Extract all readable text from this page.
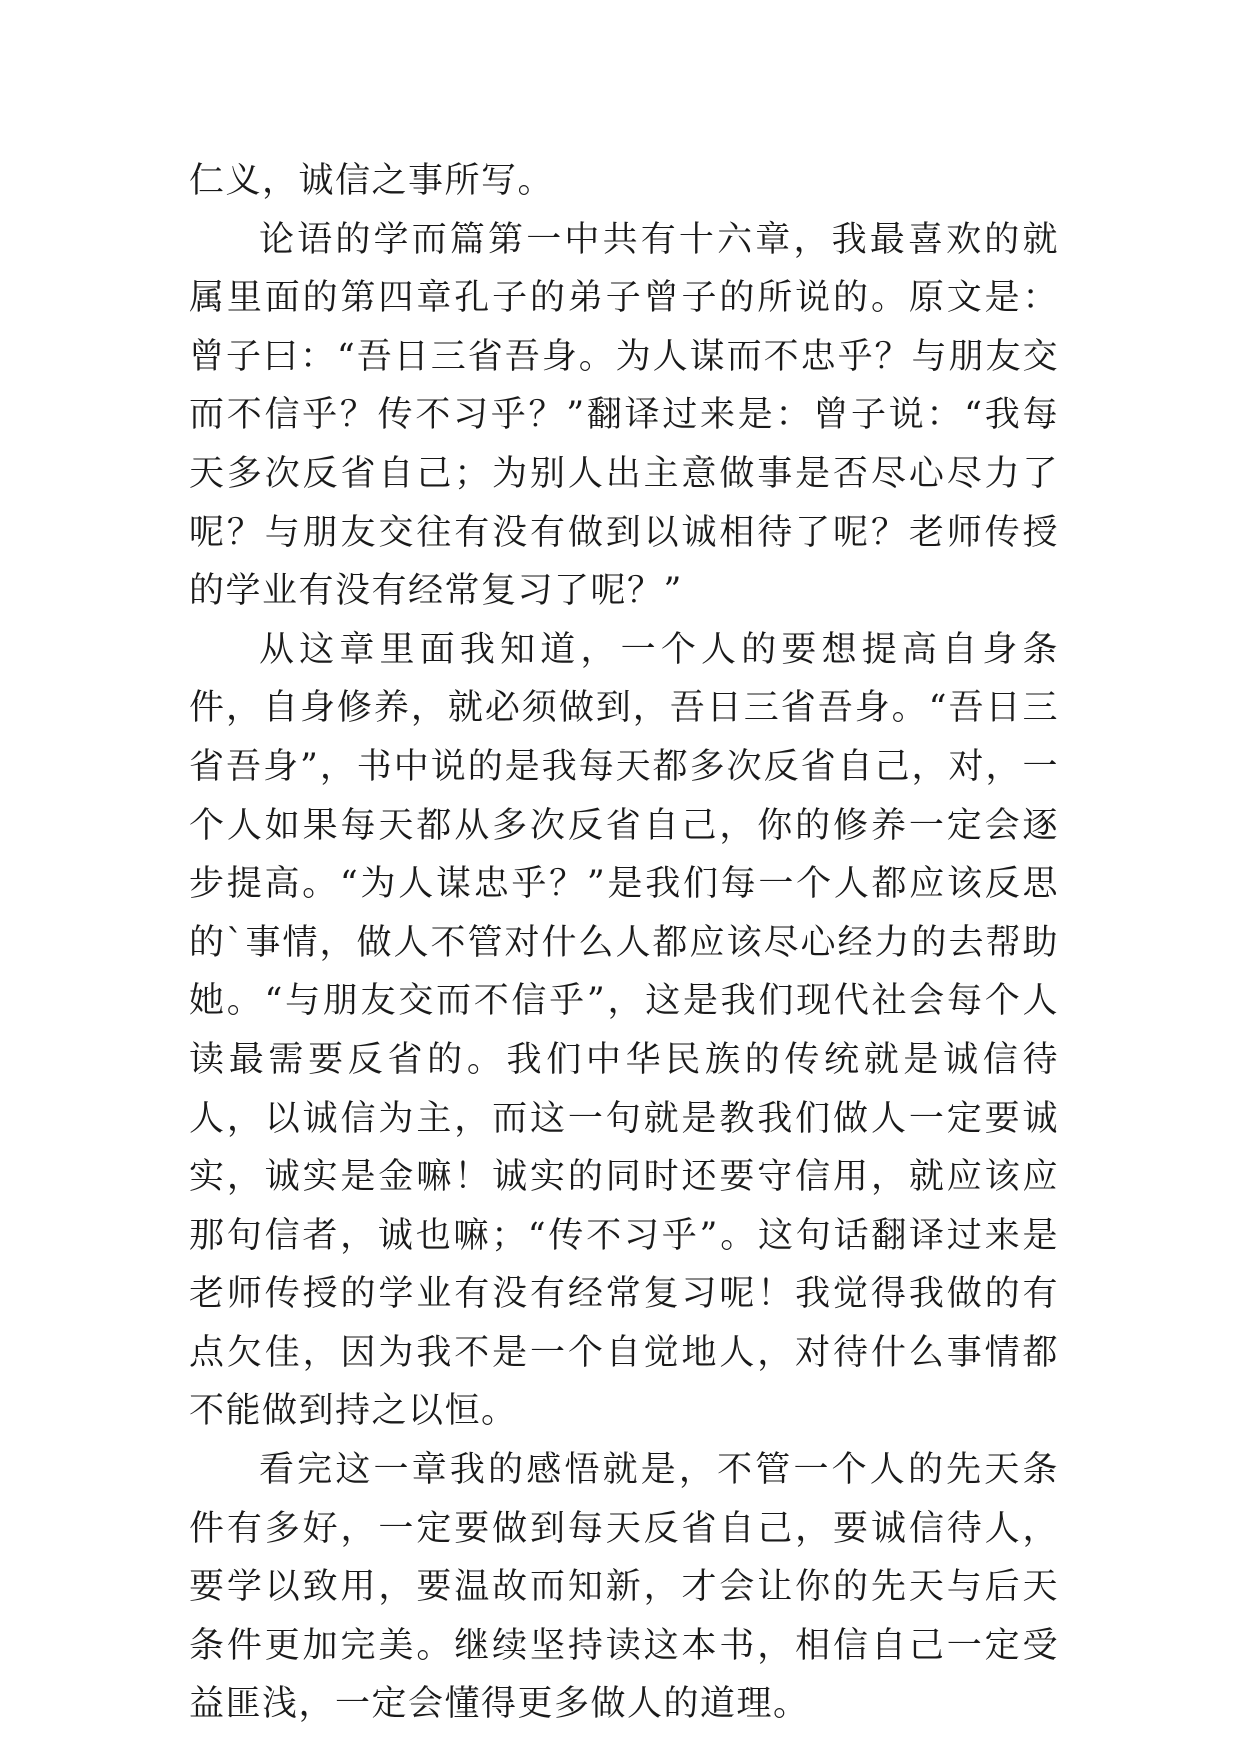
仁义，诚信之事所写。

论语的学而篇第一中共有十六章，我最喜欢的就属里面的第四章孔子的弟子曾子的所说的。原文是：曾子曰：“吾日三省吾身。为人谋而不忠乎？与朋友交而不信乎？传不习乎？”翻译过来是：曾子说：“我每天多次反省自己；为别人出主意做事是否尽心尽力了呢？与朋友交往有没有做到以诚相待了呢？老师传授的学业有没有经常复习了呢？”

从这章里面我知道，一个人的要想提高自身条件，自身修养，就必须做到，吾日三省吾身。“吾日三省吾身”，书中说的是我每天都多次反省自己，对，一个人如果每天都从多次反省自己，你的修养一定会逐步提高。“为人谋忠乎？”是我们每一个人都应该反思的`事情，做人不管对什么人都应该尽心经力的去帮助她。“与朋友交而不信乎”，这是我们现代社会每个人读最需要反省的。我们中华民族的传统就是诚信待人，以诚信为主，而这一句就是教我们做人一定要诚实，诚实是金嘛！诚实的同时还要守信用，就应该应那句信者，诚也嘛；“传不习乎”。这句话翻译过来是老师传授的学业有没有经常复习呢！我觉得我做的有点欠佳，因为我不是一个自觉地人，对待什么事情都不能做到持之以恒。

看完这一章我的感悟就是，不管一个人的先天条件有多好，一定要做到每天反省自己，要诚信待人，要学以致用，要温故而知新，才会让你的先天与后天条件更加完美。继续坚持读这本书，相信自己一定受益匪浅，一定会懂得更多做人的道理。
